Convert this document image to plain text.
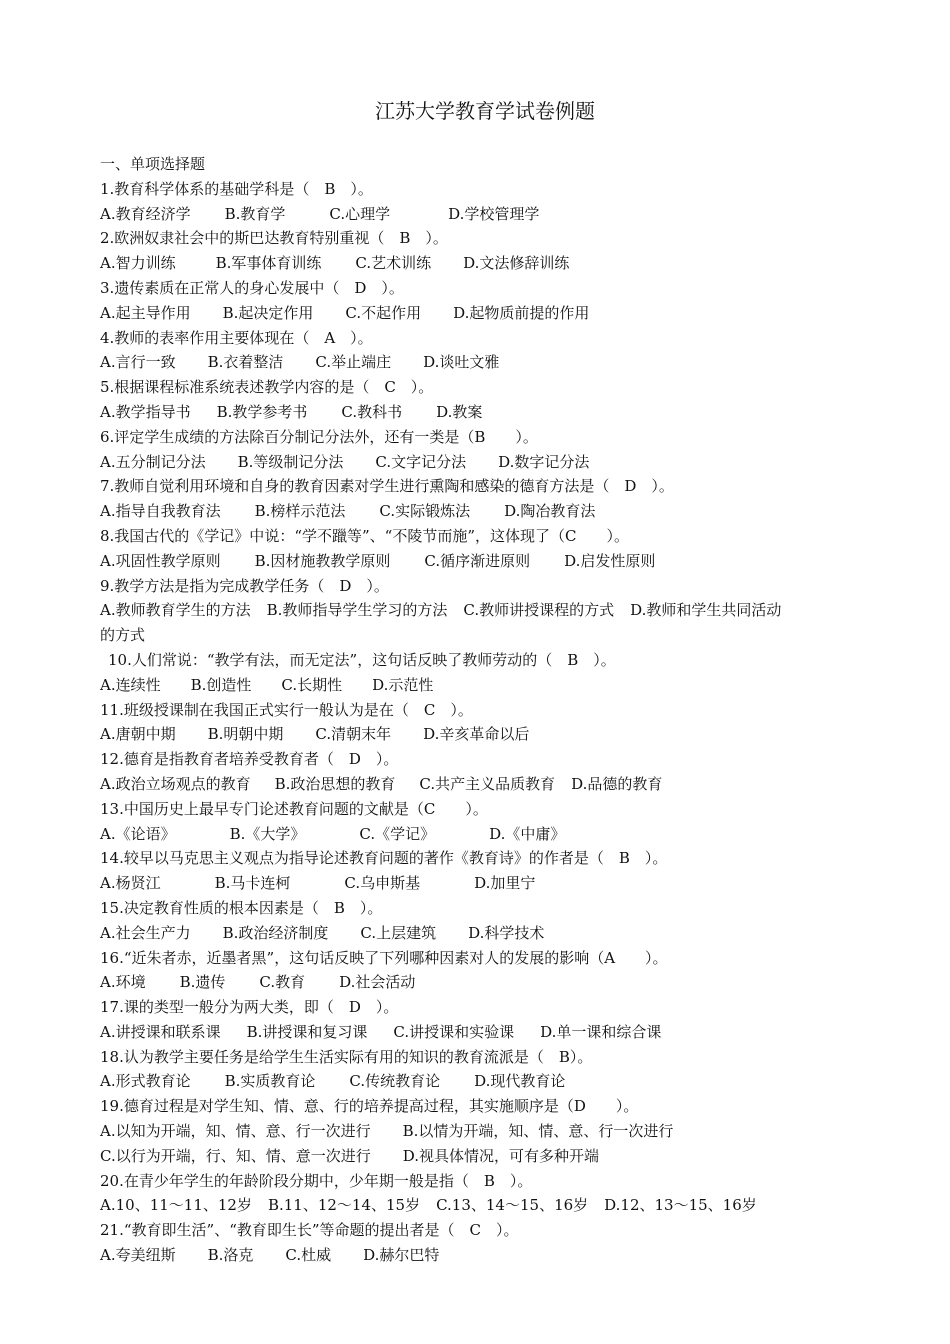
江苏大学教育学试卷例题
一、单项选择题
1.教育科学体系的基础学科是（　B　）。
A.教育经济学 B.教育学	C.心理学	D.学校管理学
2.欧洲奴隶社会中的斯巴达教育特别重视（　B　）。
A.智力训练	B.军事体育训练 C.艺术训练 D.文法修辞训练
3.遗传素质在正常人的身心发展中（　D　）。
A.起主导作用 B.起决定作用 C.不起作用 D.起物质前提的作用
4.教师的表率作用主要体现在（　A　）。
A.言行一致 B.衣着整洁 C.举止端庄 D.谈吐文雅
5.根据课程标准系统表述教学内容的是（　C　）。
A.教学指导书 B.教学参考书 C.教科书 D.教案
6.评定学生成绩的方法除百分制记分法外，还有一类是（B　　）。
A.五分制记分法 B.等级制记分法 C.文字记分法 D.数字记分法
7.教师自觉利用环境和自身的教育因素对学生进行熏陶和感染的德育方法是（　D　）。
A.指导自我教育法 B.榜样示范法 C.实际锻炼法 D.陶冶教育法
8.我国古代的《学记》中说：“学不躐等”、“不陵节而施”，这体现了（C　　）。
A.巩固性教学原则 B.因材施教教学原则 C.循序渐进原则 D.启发性原则
9.教学方法是指为完成教学任务（　D　）。
A.教师教育学生的方法 B.教师指导学生学习的方法 C.教师讲授课程的方式 D.教师和学生共同活动
的方式
10.人们常说：“教学有法，而无定法”，这句话反映了教师劳动的（　B　）。
A.连续性 B.创造性 C.长期性 D.示范性
11.班级授课制在我国正式实行一般认为是在（　C　）。
A.唐朝中期 B.明朝中期 C.清朝末年 D.辛亥革命以后
12.德育是指教育者培养受教育者（　D　）。
A.政治立场观点的教育 B.政治思想的教育 C.共产主义品质教育 D.品德的教育
13.中国历史上最早专门论述教育问题的文献是（C　　）。
A.《论语》	B.《大学》	C.《学记》	D.《中庸》
14.较早以马克思主义观点为指导论述教育问题的著作《教育诗》的作者是（　B　）。
A.杨贤江	B.马卡连柯	C.乌申斯基	D.加里宁
15.决定教育性质的根本因素是（　B　）。
A.社会生产力 B.政治经济制度 C.上层建筑 D.科学技术
16.“近朱者赤，近墨者黑”，这句话反映了下列哪种因素对人的发展的影响（A　　）。
A.环境 B.遗传 C.教育 D.社会活动
17.课的类型一般分为两大类，即（　D　）。
A.讲授课和联系课 B.讲授课和复习课 C.讲授课和实验课 D.单一课和综合课
18.认为教学主要任务是给学生生活实际有用的知识的教育流派是（　B）。
A.形式教育论 B.实质教育论 C.传统教育论 D.现代教育论
19.德育过程是对学生知、情、意、行的培养提高过程，其实施顺序是（D　　）。
A.以知为开端，知、情、意、行一次进行 B.以情为开端，知、情、意、行一次进行
C.以行为开端，行、知、情、意一次进行 D.视具体情况，可有多种开端
20.在青少年学生的年龄阶段分期中，少年期一般是指（　B　）。
A.10、11～11、12岁 B.11、12～14、15岁 C.13、14～15、16岁 D.12、13～15、16岁
21.“教育即生活”、“教育即生长”等命题的提出者是（　C　）。
A.夸美纽斯 B.洛克 C.杜威 D.赫尔巴特
